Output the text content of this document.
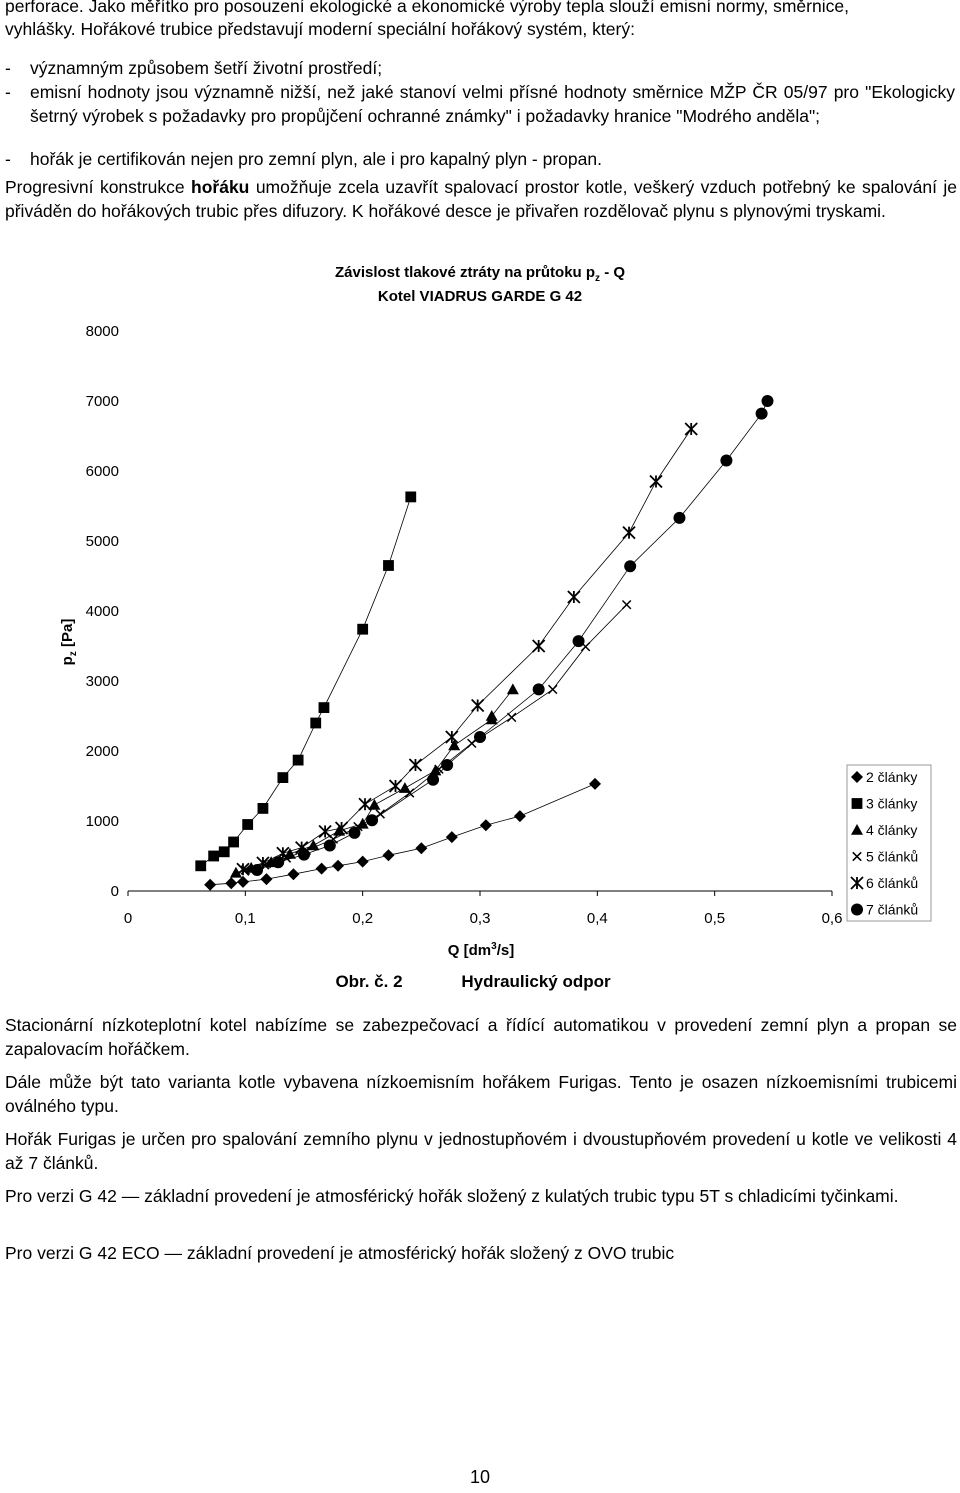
perforace. Jako měřítko pro posouzení ekologické a ekonomické výroby tepla slouží emisní normy, směrnice,
vyhlášky. Hořákové trubice představují moderní speciální hořákový systém, který:
- významným způsobem šetří životní prostředí;
- emisní hodnoty jsou významně nižší, než jaké stanoví velmi přísné hodnoty směrnice MŽP ČR 05/97 pro "Ekologicky šetrný výrobek s požadavky pro propůjčení ochranné známky" i požadavky hranice "Modrého anděla";
- hořák je certifikován nejen pro zemní plyn, ale i pro kapalný plyn - propan.

Progresivní konstrukce hořáku umožňuje zcela uzavřít spalovací prostor kotle, veškerý vzduch potřebný ke spalování je přiváděn do hořákových trubic přes difuzory. K hořákové desce je přivařen rozdělovač plynu s plynovými tryskami.

Závislost tlakové ztráty na průtoku $p_z$ - Q
Kotel VIADRUS GARDE G 42
0
1000
2000
3000
4000
5000
6000
7000
8000
0	0,1	0,2	0,3	0,4	0,5	0,6
$p_z$ [Pa]
Q $[dm^3/s]$
Obr. č. 2	Hydraulický odpor
2 články
3 články
4 články
5 článků
6 článků
7 článků

Stacionární nízkoteplotní kotel nabízíme se zabezpečovací a řídící automatikou v provedení zemní plyn a propan se zapalovacím hořáčkem.

Dále může být tato varianta kotle vybavena nízkoemisním hořákem Furigas. Tento je osazen nízkoemisními trubicemi oválného typu.

Hořák Furigas je určen pro spalování zemního plynu v jednostupňovém i dvoustupňovém provedení u kotle ve velikosti 4 až 7 článků.

Pro verzi G 42 — základní provedení je atmosférický hořák složený z kulatých trubic typu 5T s chladicími tyčinkami.

Pro verzi G 42 ECO — základní provedení je atmosférický hořák složený z OVO trubic

10
